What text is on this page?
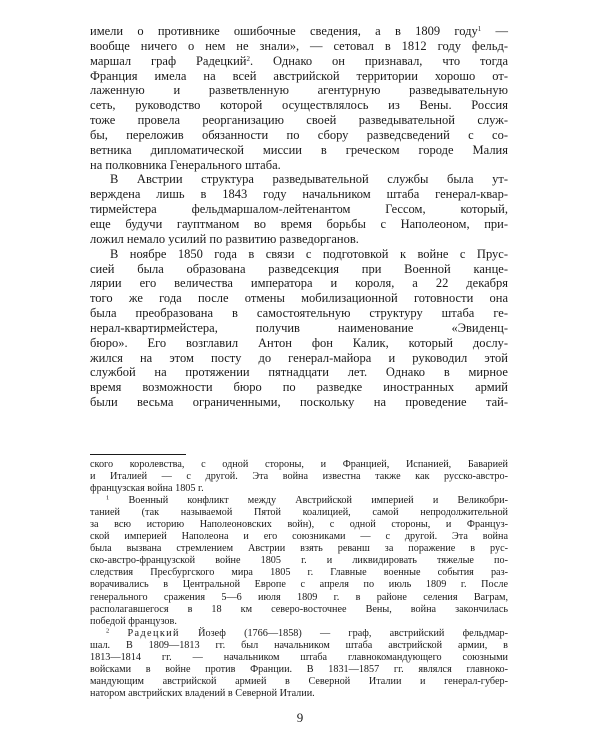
имели о противнике ошибочные сведения, а в 1809 году$^1$ —
вообще ничего о нем не знали», — сетовал в 1812 году фельд-
маршал граф Радецкий$^2$. Однако он признавал, что тогда
Франция имела на всей австрийской территории хорошо от-
лаженную и разветвленную агентурную разведывательную
сеть, руководство которой осуществлялось из Вены. Россия
тоже провела реорганизацию своей разведывательной служ-
бы, переложив обязанности по сбору разведсведений с со-
ветника дипломатической миссии в греческом городе Малия
на полковника Генерального штаба.
В Австрии структура разведывательной службы была ут-
верждена лишь в 1843 году начальником штаба генерал-квар-
тирмейстера фельдмаршалом-лейтенантом Гессом, который,
еще будучи гауптманом во время борьбы с Наполеоном, при-
ложил немало усилий по развитию разведорганов.
В ноябре 1850 года в связи с подготовкой к войне с Прус-
сией была образована разведсекция при Военной канце-
лярии его величества императора и короля, а 22 декабря
того же года после отмены мобилизационной готовности она
была преобразована в самостоятельную структуру штаба ге-
нерал-квартирмейстера, получив наименование «Эвиденц-
бюро». Его возглавил Антон фон Калик, который дослу-
жился на этом посту до генерал-майора и руководил этой
службой на протяжении пятнадцати лет. Однако в мирное
время возможности бюро по разведке иностранных армий
были весьма ограниченными, поскольку на проведение тай-
ского королевства, с одной стороны, и Францией, Испанией, Баварией
и Италией — с другой. Эта война известна также как русско-австро-
французская война 1805 г.
$^1$ Военный конфликт между Австрийской империей и Великобри-
танией (так называемой Пятой коалицией, самой непродолжительной
за всю историю Наполеоновских войн), с одной стороны, и Француз-
ской империей Наполеона и его союзниками — с другой. Эта война
была вызвана стремлением Австрии взять реванш за поражение в рус-
ско-австро-французской войне 1805 г. и ликвидировать тяжелые по-
следствия Пресбургского мира 1805 г. Главные военные события раз-
ворачивались в Центральной Европе с апреля по июль 1809 г. После
генерального сражения 5—6 июля 1809 г. в районе селения Ваграм,
располагавшегося в 18 км северо-восточнее Вены, война закончилась
победой французов.
$^2$ Радецкий Йозеф (1766—1858) — граф, австрийский фельдмар-
шал. В 1809—1813 гг. был начальником штаба австрийской армии, в
1813—1814 гг. — начальником штаба главнокомандующего союзными
войсками в войне против Франции. В 1831—1857 гг. являлся главноко-
мандующим австрийской армией в Северной Италии и генерал-губер-
натором австрийских владений в Северной Италии.
9
